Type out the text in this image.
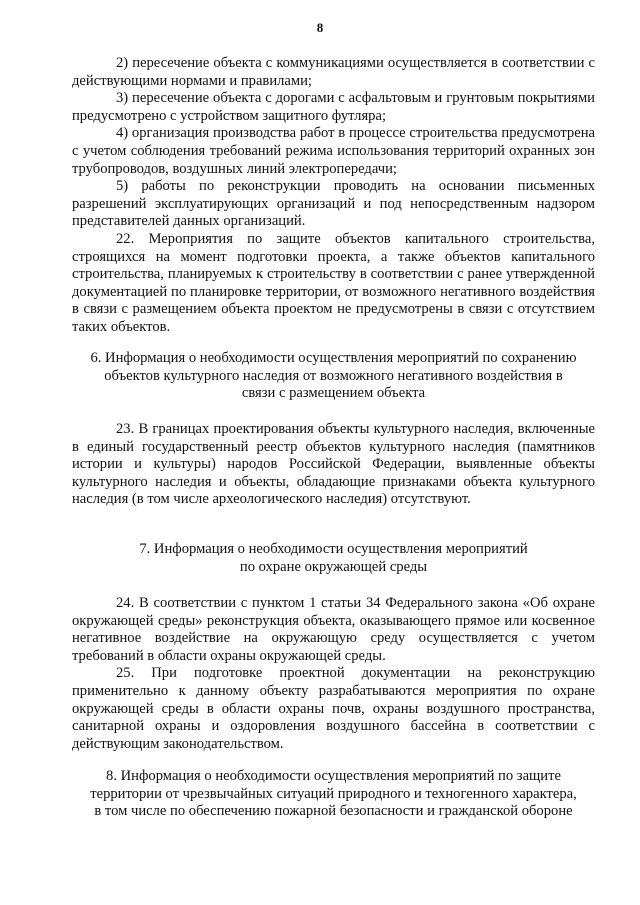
8

2) пересечение объекта с коммуникациями осуществляется в соответствии с действующими нормами и правилами;

3) пересечение объекта с дорогами с асфальтовым и грунтовым покрытиями предусмотрено с устройством защитного футляра;

4) организация производства работ в процессе строительства предусмотрена с учетом соблюдения требований режима использования территорий охранных зон трубопроводов, воздушных линий электропередачи;

5) работы по реконструкции проводить на основании письменных разрешений эксплуатирующих организаций и под непосредственным надзором представителей данных организаций.

22. Мероприятия по защите объектов капитального строительства, строящихся на момент подготовки проекта, а также объектов капитального строительства, планируемых к строительству в соответствии с ранее утвержденной документацией по планировке территории, от возможного негативного воздействия в связи с размещением объекта проектом не предусмотрены в связи с отсутствием таких объектов.

6. Информация о необходимости осуществления мероприятий по сохранению

объектов культурного наследия от возможного негативного воздействия в

связи с размещением объекта

23. В границах проектирования объекты культурного наследия, включенные в единый государственный реестр объектов культурного наследия (памятников истории и культуры) народов Российской Федерации, выявленные объекты культурного наследия и объекты, обладающие признаками объекта культурного наследия (в том числе археологического наследия) отсутствуют.

7. Информация о необходимости осуществления мероприятий

по охране окружающей среды

24. В соответствии с пунктом 1 статьи 34 Федерального закона «Об охране окружающей среды» реконструкция объекта, оказывающего прямое или косвенное негативное воздействие на окружающую среду осуществляется с учетом требований в области охраны окружающей среды.

25. При подготовке проектной документации на реконструкцию применительно к данному объекту разрабатываются мероприятия по охране окружающей среды в области охраны почв, охраны воздушного пространства, санитарной охраны и оздоровления воздушного бассейна в соответствии с действующим законодательством.

8. Информация о необходимости осуществления мероприятий по защите

территории от чрезвычайных ситуаций природного и техногенного характера,

в том числе по обеспечению пожарной безопасности и гражданской обороне
